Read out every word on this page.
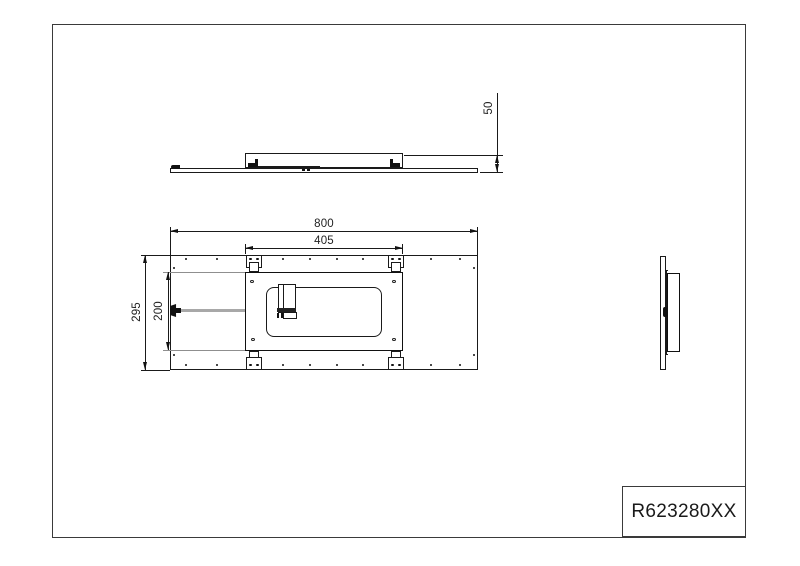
50
800
405
295 200
R623280XX
